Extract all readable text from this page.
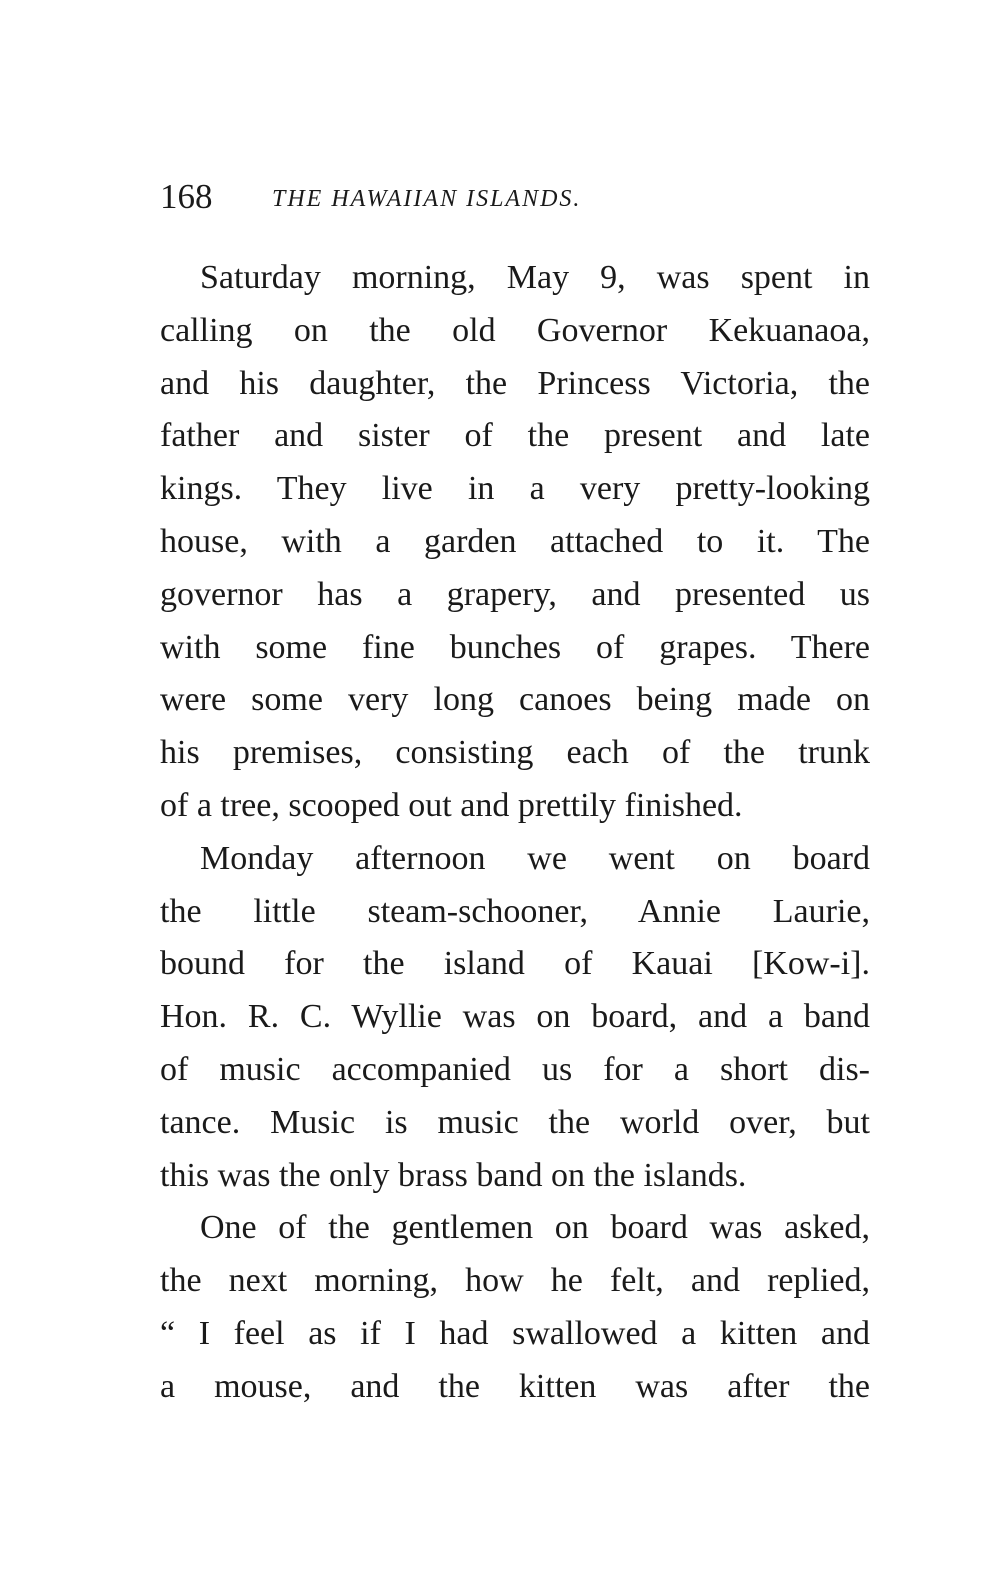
168 THE HAWAIIAN ISLANDS.
Saturday morning, May 9, was spent in
calling on the old Governor Kekuanaoa,
and his daughter, the Princess Victoria, the
father and sister of the present and late
kings. They live in a very pretty-looking
house, with a garden attached to it. The
governor has a grapery, and presented us
with some fine bunches of grapes. There
were some very long canoes being made on
his premises, consisting each of the trunk
of a tree, scooped out and prettily finished.
Monday afternoon we went on board
the little steam-schooner, Annie Laurie,
bound for the island of Kauai [Kow-i].
Hon. R. C. Wyllie was on board, and a band
of music accompanied us for a short dis-
tance. Music is music the world over, but
this was the only brass band on the islands.
One of the gentlemen on board was asked,
the next morning, how he felt, and replied,
“ I feel as if I had swallowed a kitten and
a mouse, and the kitten was after the
